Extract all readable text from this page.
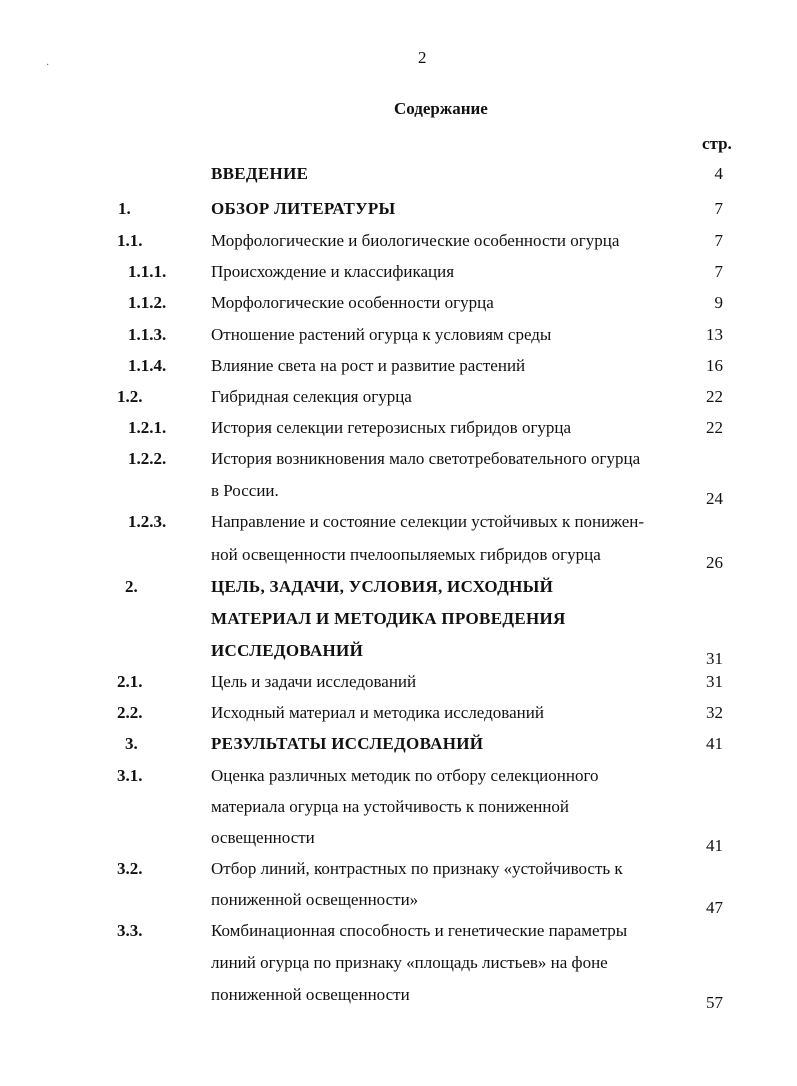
2
Содержание
стр.
·
ВВЕДЕНИЕ	4
1.	ОБЗОР ЛИТЕРАТУРЫ	7
1.1.	Морфологические и биологические особенности огурца	7
1.1.1.	Происхождение и классификация	7
1.1.2.	Морфологические особенности огурца	9
1.1.3.	Отношение растений огурца к условиям среды	13
1.1.4.	Влияние света на рост и развитие растений	16
1.2.	Гибридная селекция огурца	22
1.2.1.	История селекции гетерозисных гибридов огурца	22
1.2.2.	История возникновения мало светотребовательного огурца
в России.	24
1.2.3.	Направление и состояние селекции устойчивых к понижен-
ной освещенности пчелоопыляемых гибридов огурца	26
2.	ЦЕЛЬ, ЗАДАЧИ, УСЛОВИЯ, ИСХОДНЫЙ
МАТЕРИАЛ И МЕТОДИКА ПРОВЕДЕНИЯ
ИССЛЕДОВАНИЙ	31
2.1.	Цель и задачи исследований	31
2.2.	Исходный материал и методика исследований	32
3.	РЕЗУЛЬТАТЫ ИССЛЕДОВАНИЙ	41
3.1.	Оценка различных методик по отбору селекционного
материала огурца на устойчивость к пониженной
освещенности	41
3.2.	Отбор линий, контрастных по признаку «устойчивость к
пониженной освещенности»	47
3.3.	Комбинационная способность и генетические параметры
линий огурца по признаку «площадь листьев» на фоне
пониженной освещенности	57
